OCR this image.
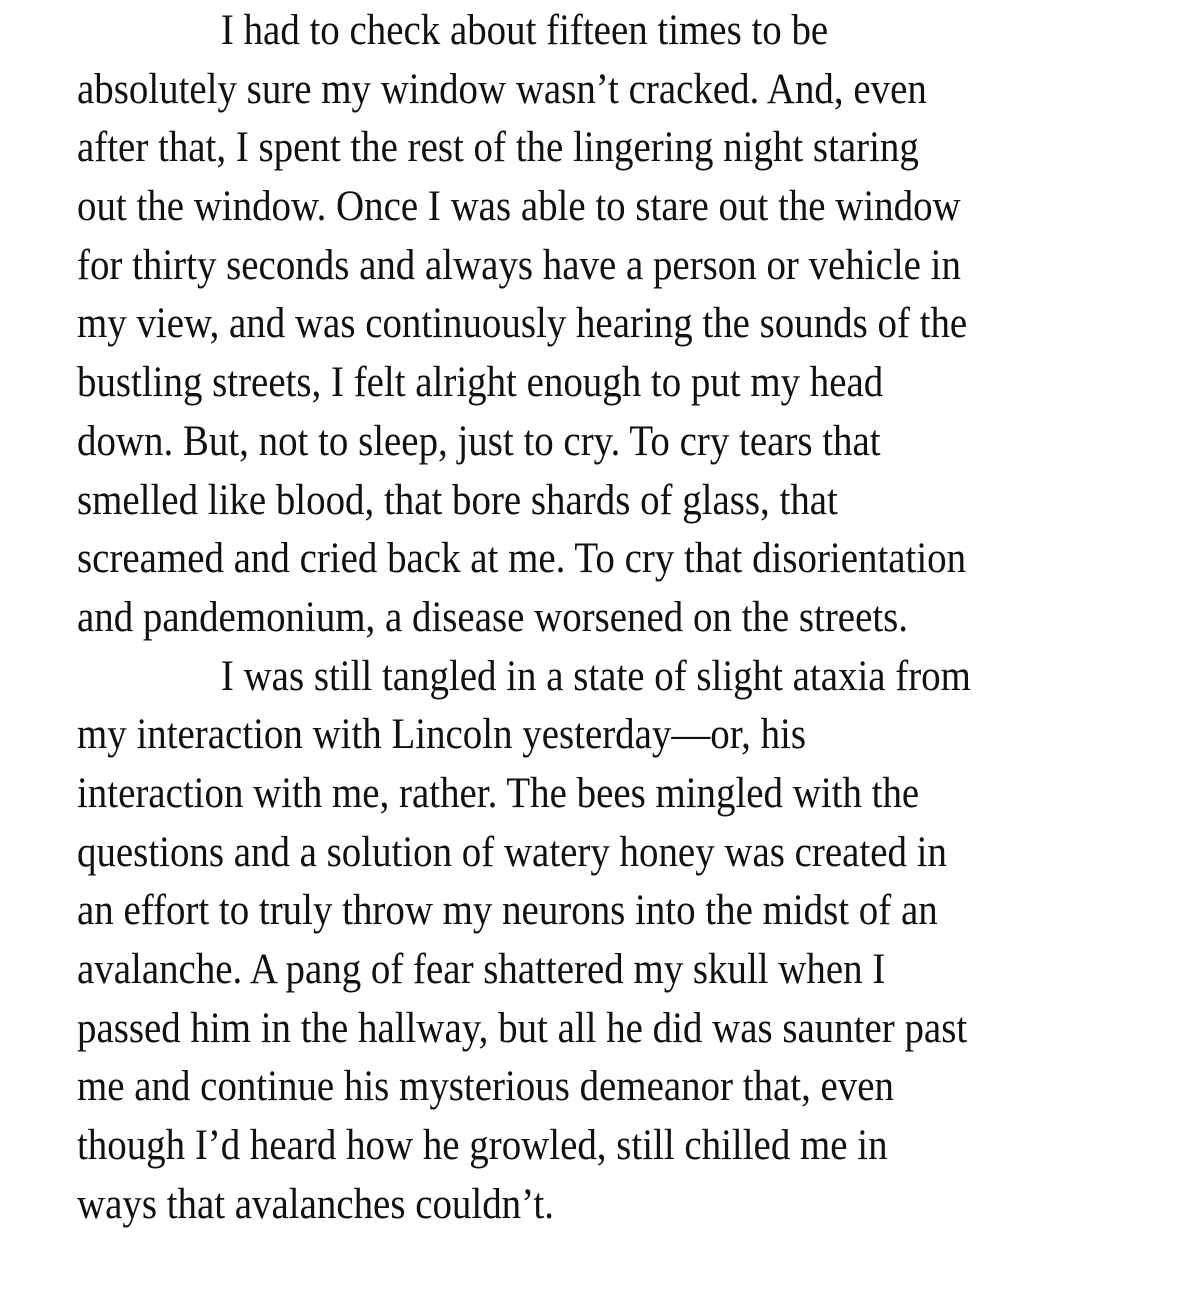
I had to check about fifteen times to be
absolutely sure my window wasn’t cracked. And, even
after that, I spent the rest of the lingering night staring
out the window. Once I was able to stare out the window
for thirty seconds and always have a person or vehicle in
my view, and was continuously hearing the sounds of the
bustling streets, I felt alright enough to put my head
down. But, not to sleep, just to cry. To cry tears that
smelled like blood, that bore shards of glass, that
screamed and cried back at me. To cry that disorientation
and pandemonium, a disease worsened on the streets.
I was still tangled in a state of slight ataxia from
my interaction with Lincoln yesterday—or, his
interaction with me, rather. The bees mingled with the
questions and a solution of watery honey was created in
an effort to truly throw my neurons into the midst of an
avalanche. A pang of fear shattered my skull when I
passed him in the hallway, but all he did was saunter past
me and continue his mysterious demeanor that, even
though I’d heard how he growled, still chilled me in
ways that avalanches couldn’t.
